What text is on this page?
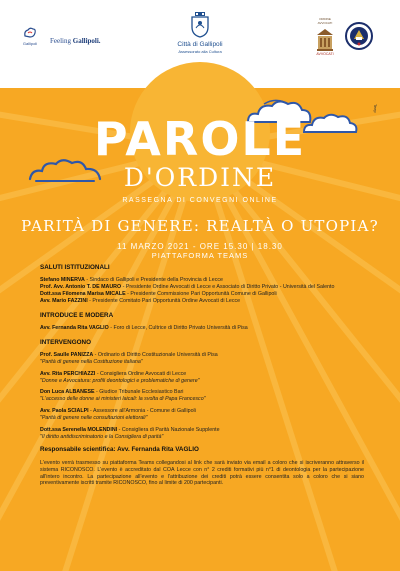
Gallipoli	Feeling Gallipoli.	Città di Gallipoli
Assessorato alla Cultura
ORDINE AVVOCATI
AVVOCATI
Teep
PAROLE
D'ORDINE
RASSEGNA DI CONVEGNI ONLINE
PARITÀ DI GENERE: REALTÀ O UTOPIA?
11 MARZO 2021 - ORE 15.30 | 18.30
PIATTAFORMA TEAMS
SALUTI ISTITUZIONALI
Stefano MINERVA - Sindaco di Gallipoli e Presidente della Provincia di Lecce
Prof. Avv. Antonio T. DE MAURO - Presidente Ordine Avvocati di Lecce e Associato di Diritto Privato - Università del Salento
Dott.ssa Filomena Marisa MICALE - Presidente Commissione Pari Opportunità Comune di Gallipoli
Avv. Mario FAZZINI - Presidente Comitato Pari Opportunità Ordine Avvocati di Lecce
INTRODUCE E MODERA
Avv. Fernanda Rita VAGLIO - Foro di Lecce, Cultrice di Diritto Privato Università di Pisa
INTERVENGONO
Prof. Saulle PANIZZA - Ordinario di Diritto Costituzionale Università di Pisa
"Parità di genere nella Costituzione italiana"
Avv. Rita PERCHIAZZI - Consigliera Ordine Avvocati di Lecce
"Donne e Avvocatura: profili deontologici e problematiche di genere"
Don Luca ALBANESE - Giudice Tribunale Ecclesiastico Bari
"L'accesso delle donne ai ministeri laicali: la svolta di Papa Francesco"
Avv. Paola SCIALPI - Assessore all'Armonia - Comune di Gallipoli
"Parità di genere nelle consultazioni elettorali"
Dott.ssa Serenella MOLENDINI - Consigliera di Parità Nazionale Supplente
"Il diritto antidiscriminatorio e la Consigliera di parità"
Responsabile scientifica: Avv. Fernanda Rita VAGLIO

L'evento verrà trasmesso su piattaforma Teams collegandosi al link che sarà inviato via email a coloro che si iscriveranno attraverso il sistema RICONOSCO. L'evento è accreditato dal COA Lecce con n° 2 crediti formativi più n°1 di deontologia per la partecipazione all'intero incontro. La partecipazione all'evento e l'attribuzione dei crediti potrà essere consentita solo a coloro che si siano preventivamente iscritti tramite RICONOSCO, fino al limite di 200 partecipanti.
